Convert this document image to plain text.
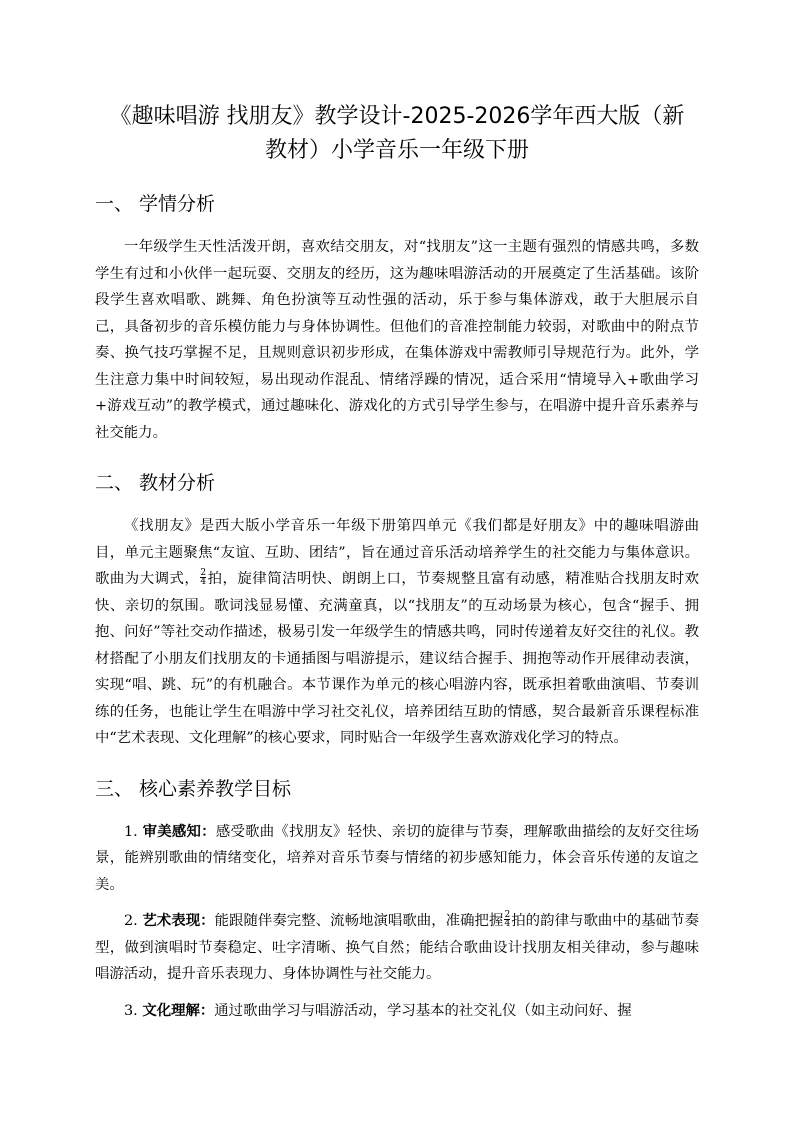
《趣味唱游 找朋友》教学设计-2025-2026学年西大版（新
教材）小学音乐一年级下册
一、 学情分析

一年级学生天性活泼开朗，喜欢结交朋友，对“找朋友”这一主题有强烈的情感共鸣，多数学生有过和小伙伴一起玩耍、交朋友的经历，这为趣味唱游活动的开展奠定了生活基础。该阶段学生喜欢唱歌、跳舞、角色扮演等互动性强的活动，乐于参与集体游戏，敢于大胆展示自己，具备初步的音乐模仿能力与身体协调性。但他们的音准控制能力较弱，对歌曲中的附点节奏、换气技巧掌握不足，且规则意识初步形成，在集体游戏中需教师引导规范行为。此外，学生注意力集中时间较短，易出现动作混乱、情绪浮躁的情况，适合采用“情境导入+歌曲学习+游戏互动”的教学模式，通过趣味化、游戏化的方式引导学生参与，在唱游中提升音乐素养与社交能力。

二、 教材分析

《找朋友》是西大版小学音乐一年级下册第四单元《我们都是好朋友》中的趣味唱游曲目，单元主题聚焦“友谊、互助、团结”，旨在通过音乐活动培养学生的社交能力与集体意识。歌曲为大调式， $\frac{2}{4}$ 拍，旋律简洁明快、朗朗上口，节奏规整且富有动感，精准贴合找朋友时欢快、亲切的氛围。歌词浅显易懂、充满童真，以“找朋友”的互动场景为核心，包含“握手、拥抱、问好”等社交动作描述，极易引发一年级学生的情感共鸣，同时传递着友好交往的礼仪。教材搭配了小朋友们找朋友的卡通插图与唱游提示，建议结合握手、拥抱等动作开展律动表演，实现“唱、跳、玩”的有机融合。本节课作为单元的核心唱游内容，既承担着歌曲演唱、节奏训练的任务，也能让学生在唱游中学习社交礼仪，培养团结互助的情感，契合最新音乐课程标准中“艺术表现、文化理解”的核心要求，同时贴合一年级学生喜欢游戏化学习的特点。

三、 核心素养教学目标

1. 审美感知：感受歌曲《找朋友》轻快、亲切的旋律与节奏，理解歌曲描绘的友好交往场景，能辨别歌曲的情绪变化，培养对音乐节奏与情绪的初步感知能力，体会音乐传递的友谊之美。

2. 艺术表现：能跟随伴奏完整、流畅地演唱歌曲，准确把握 $\frac{2}{4}$ 拍的韵律与歌曲中的基础节奏型，做到演唱时节奏稳定、吐字清晰、换气自然；能结合歌曲设计找朋友相关律动，参与趣味唱游活动，提升音乐表现力、身体协调性与社交能力。

3. 文化理解：通过歌曲学习与唱游活动，学习基本的社交礼仪（如主动问好、握
